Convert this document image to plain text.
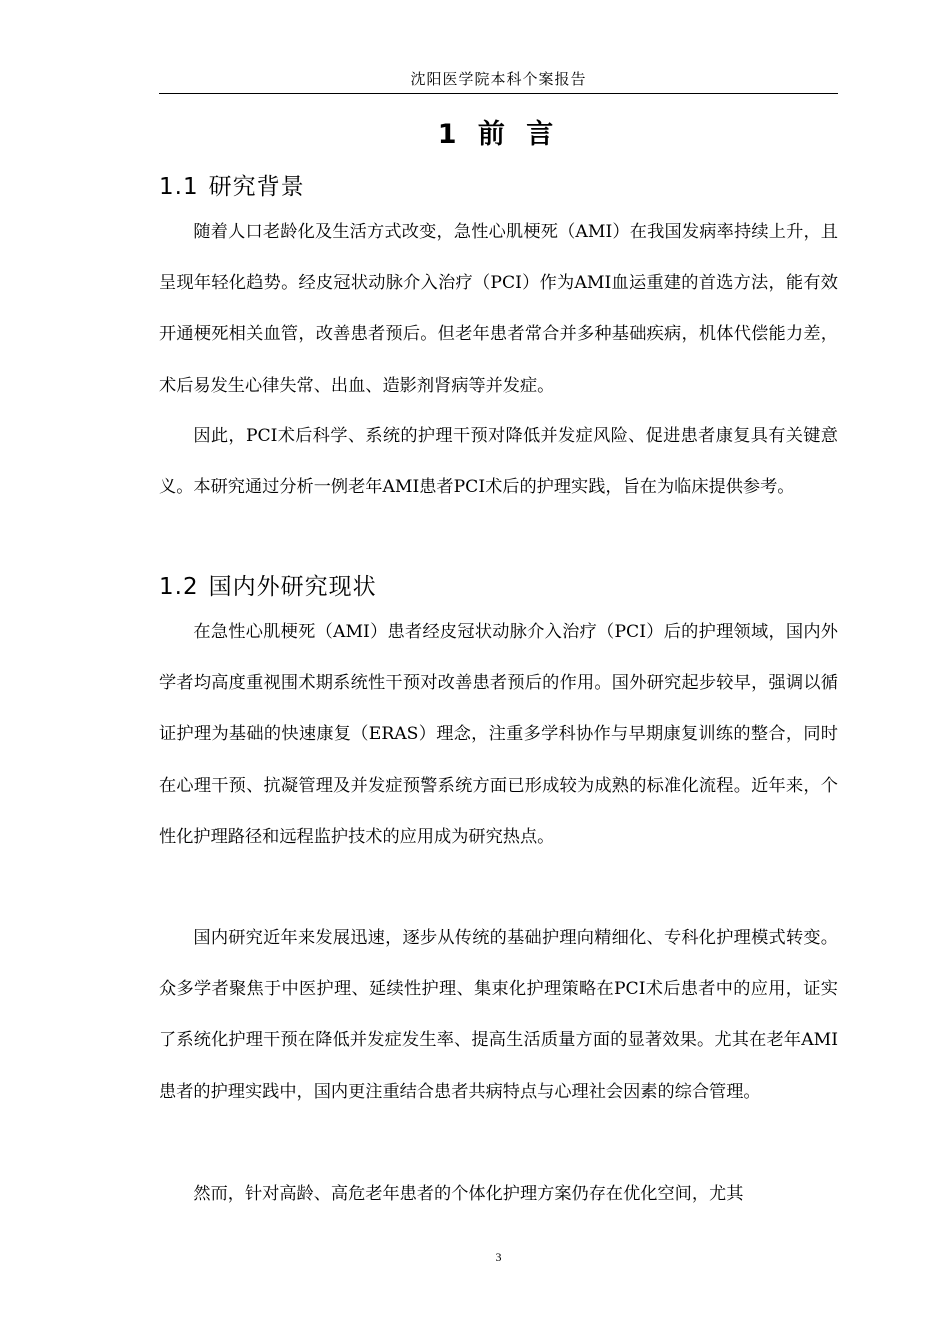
沈阳医学院本科个案报告
1 前 言
1.1 研究背景
随着人口老龄化及生活方式改变，急性心肌梗死（AMI）在我国发病率持续上升，且呈现年轻化趋势。经皮冠状动脉介入治疗（PCI）作为AMI血运重建的首选方法，能有效开通梗死相关血管，改善患者预后。但老年患者常合并多种基础疾病，机体代偿能力差，术后易发生心律失常、出血、造影剂肾病等并发症。
因此，PCI术后科学、系统的护理干预对降低并发症风险、促进患者康复具有关键意义。本研究通过分析一例老年AMI患者PCI术后的护理实践，旨在为临床提供参考。
1.2 国内外研究现状
在急性心肌梗死（AMI）患者经皮冠状动脉介入治疗（PCI）后的护理领域，国内外学者均高度重视围术期系统性干预对改善患者预后的作用。国外研究起步较早，强调以循证护理为基础的快速康复（ERAS）理念，注重多学科协作与早期康复训练的整合，同时在心理干预、抗凝管理及并发症预警系统方面已形成较为成熟的标准化流程。近年来，个性化护理路径和远程监护技术的应用成为研究热点。
国内研究近年来发展迅速，逐步从传统的基础护理向精细化、专科化护理模式转变。众多学者聚焦于中医护理、延续性护理、集束化护理策略在PCI术后患者中的应用，证实了系统化护理干预在降低并发症发生率、提高生活质量方面的显著效果。尤其在老年AMI患者的护理实践中，国内更注重结合患者共病特点与心理社会因素的综合管理。
然而，针对高龄、高危老年患者的个体化护理方案仍存在优化空间，尤其
3
